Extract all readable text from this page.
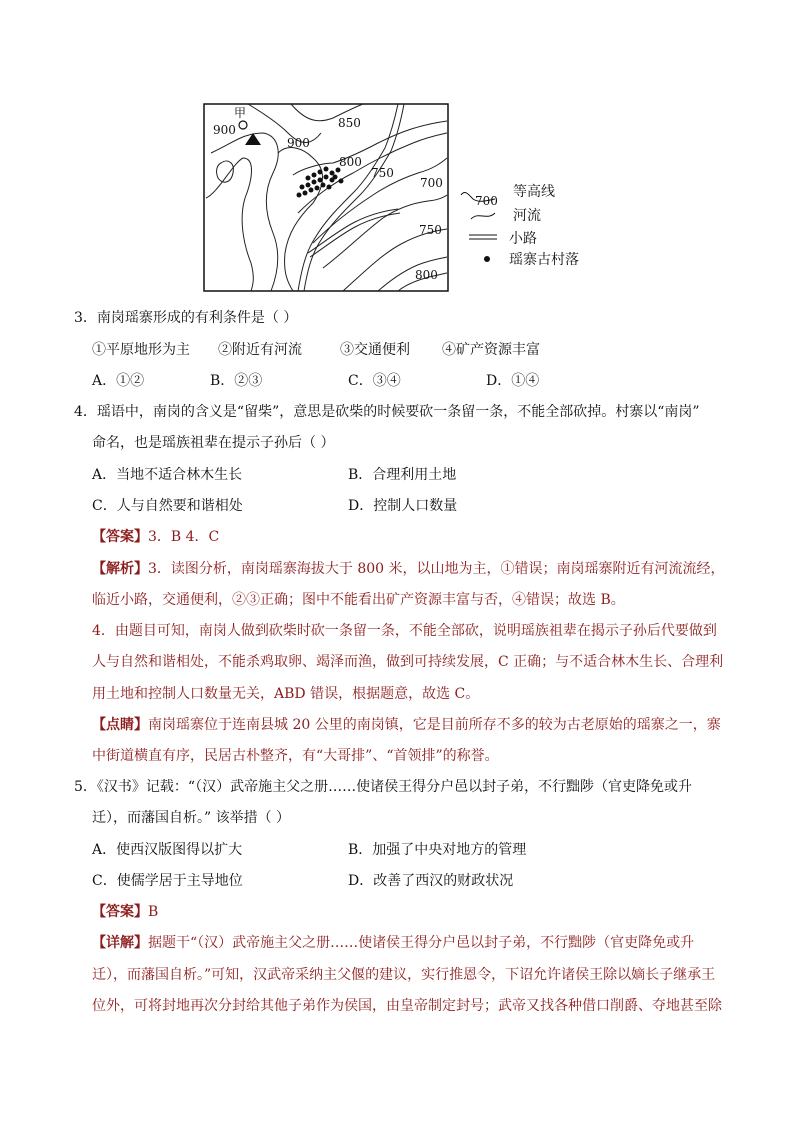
甲
900
900
850
800
750
700
750
800
700
等高线
河流
小路
瑶寨古村落
3．南岗瑶寨形成的有利条件是（ ）
①平原地形为主 ②附近有河流	③交通便利 ④矿产资源丰富
A．①②	B．②③	C．③④	D．①④
4．瑶语中，南岗的含义是“留柴”，意思是砍柴的时候要砍一条留一条，不能全部砍掉。村寨以“南岗”
命名，也是瑶族祖辈在提示子孙后（ ）
A．当地不适合林木生长	B．合理利用土地
C．人与自然要和谐相处	D．控制人口数量
【答案】3．B 4．C
【解析】3．读图分析，南岗瑶寨海拔大于 800 米，以山地为主，①错误；南岗瑶寨附近有河流流经，
临近小路，交通便利，②③正确；图中不能看出矿产资源丰富与否，④错误；故选 B。
4．由题目可知，南岗人做到砍柴时砍一条留一条，不能全部砍，说明瑶族祖辈在揭示子孙后代要做到
人与自然和谐相处，不能杀鸡取卵、竭泽而渔，做到可持续发展，C 正确；与不适合林木生长、合理利
用土地和控制人口数量无关，ABD 错误，根据题意，故选 C。
【点睛】南岗瑶寨位于连南县城 20 公里的南岗镇，它是目前所存不多的较为古老原始的瑶寨之一，寨
中街道横直有序，民居古朴整齐，有“大哥排”、“首领排”的称誉。
5．《汉书》记载：“（汉）武帝施主父之册……使诸侯王得分户邑以封子弟，不行黜陟（官吏降免或升
迁），而藩国自析。” 该举措（ ）
A．使西汉版图得以扩大	B．加强了中央对地方的管理
C．使儒学居于主导地位	D．改善了西汉的财政状况
【答案】B
【详解】据题干“（汉）武帝施主父之册……使诸侯王得分户邑以封子弟，不行黜陟（官吏降免或升
迁），而藩国自析。”可知，汉武帝采纳主父偃的建议，实行推恩令，下诏允许诸侯王除以嫡长子继承王
位外，可将封地再次分封给其他子弟作为侯国，由皇帝制定封号；武帝又找各种借口削爵、夺地甚至除
